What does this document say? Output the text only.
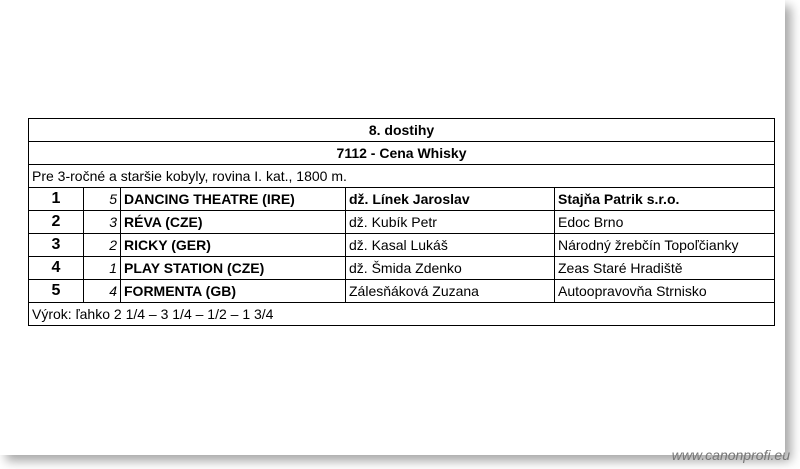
8. dostihy				
7112 - Cena Whisky				
Pre 3-ročné a staršie kobyly, rovina I. kat., 1800 m.				
1	5	DANCING THEATRE (IRE)	dž. Línek Jaroslav	Stajňa Patrik s.r.o.
2	3	RÉVA (CZE)	dž. Kubík Petr	Edoc Brno
3	2	RICKY (GER)	dž. Kasal Lukáš	Národný žrebčín Topoľčianky
4	1	PLAY STATION (CZE)	dž. Šmida Zdenko	Zeas Staré Hradiště
5	4	FORMENTA (GB)	Zálesňáková Zuzana	Autoopravovňa Strnisko
Výrok: ľahko 2 1/4 – 3 1/4 – 1/2 – 1 3/4				
www.canonprofi.eu
